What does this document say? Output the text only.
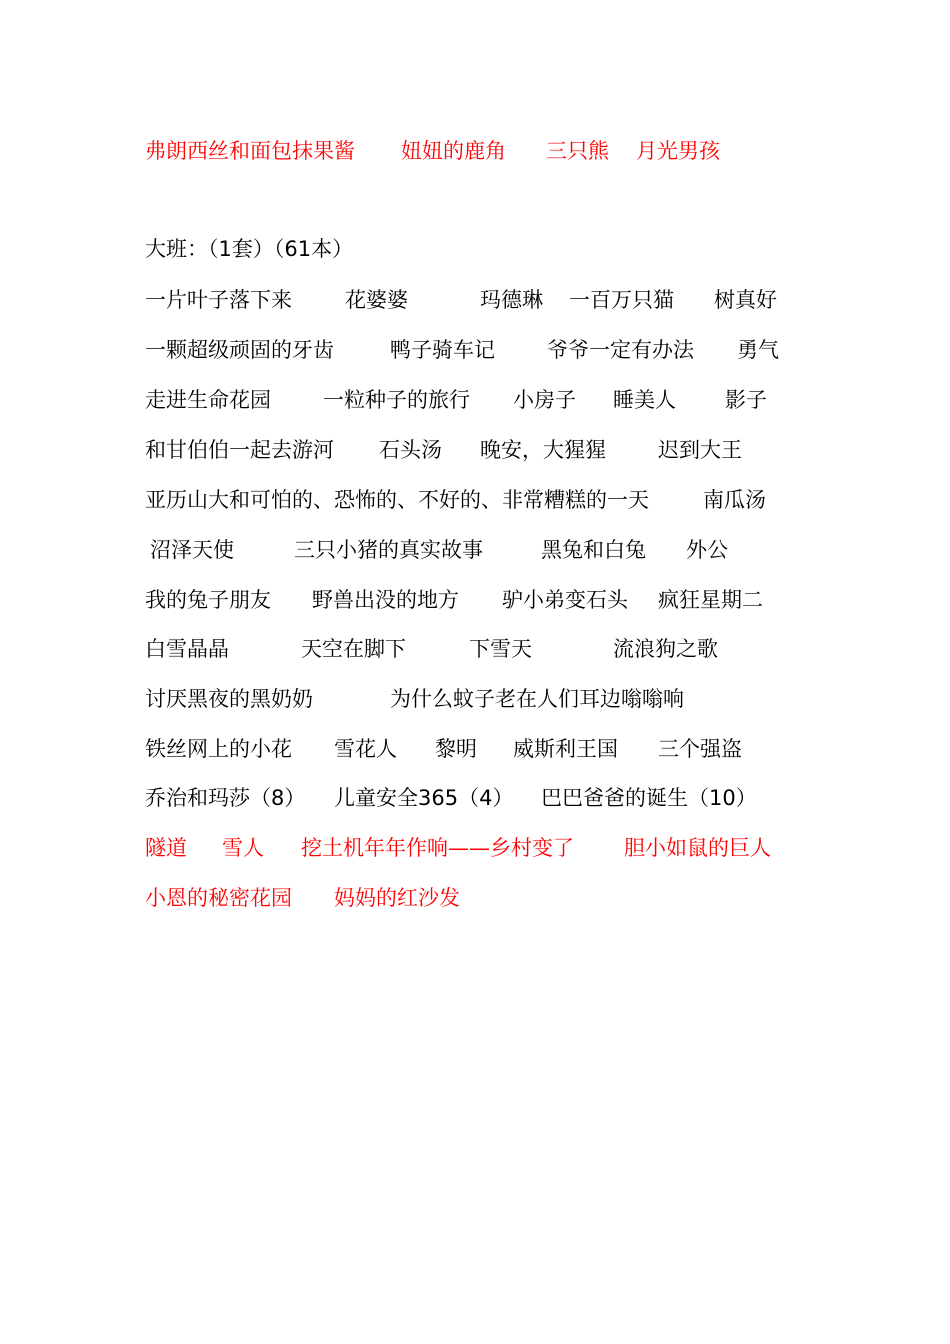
弗朗西丝和面包抹果酱 妞妞的鹿角 三只熊 月光男孩
大班：（1套）（61本）
一片叶子落下来	花婆婆	玛德琳 一百万只猫 树真好
一颗超级顽固的牙齿	鸭子骑车记 爷爷一定有办法 勇气
走进生命花园 一粒种子的旅行 小房子 睡美人 影子
和甘伯伯一起去游河 石头汤 晚安，大猩猩 迟到大王
亚历山大和可怕的、恐怖的、不好的、非常糟糕的一天	南瓜汤
沼泽天使	三只小猪的真实故事	黑兔和白兔 外公
我的兔子朋友 野兽出没的地方 驴小弟变石头 疯狂星期二
白雪晶晶	天空在脚下	下雪天	流浪狗之歌
讨厌黑夜的黑奶奶	为什么蚊子老在人们耳边嗡嗡响
铁丝网上的小花 雪花人 黎明 威斯利王国 三个强盗
乔治和玛莎（8） 儿童安全365（4） 巴巴爸爸的诞生（10）
隧道 雪人 挖土机年年作响——乡村变了 胆小如鼠的巨人
小恩的秘密花园 妈妈的红沙发
